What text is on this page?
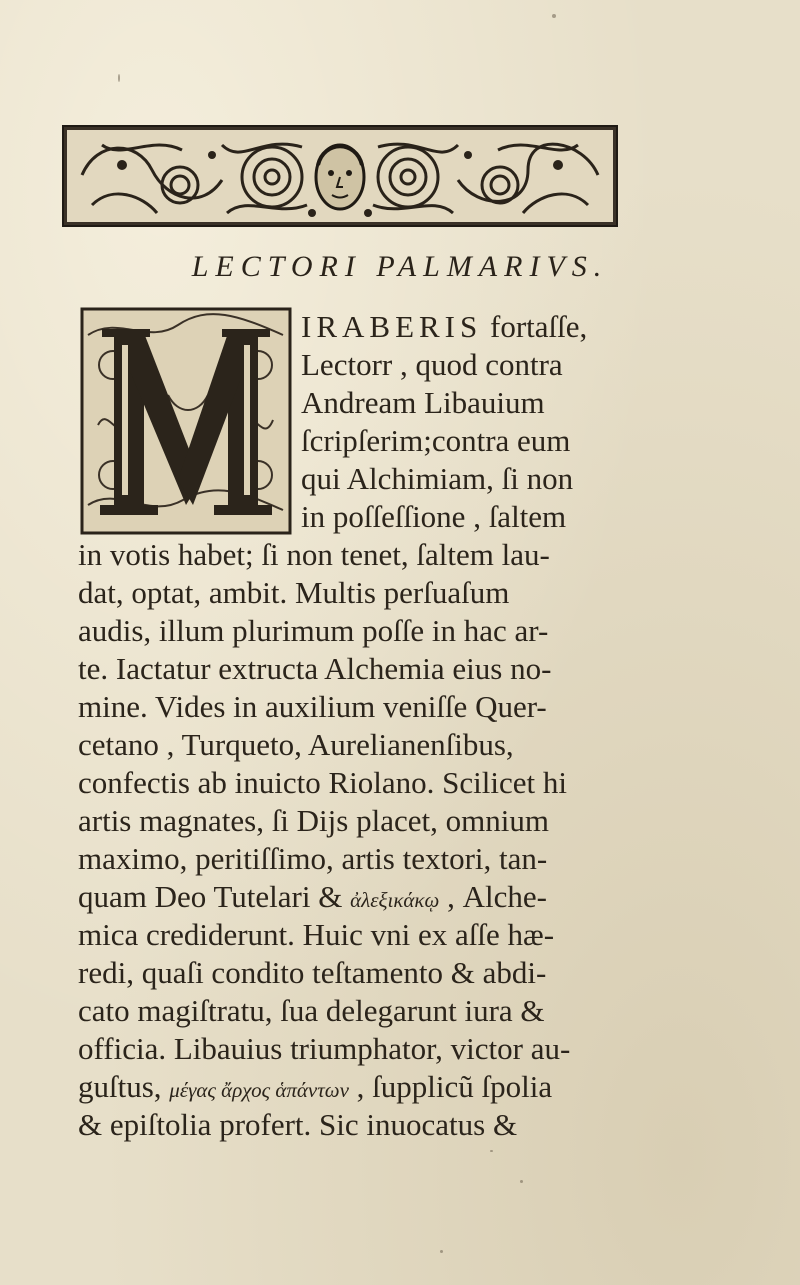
LECTORI PALMARIVS.
IRABERIS fortaſſe,
Lectorr , quod contra
Andream Libauium
ſcripſerim;contra eum
qui Alchimiam, ſi non
in poſſeſſione , ſaltem
in votis habet; ſi non tenet, ſaltem lau-
dat, optat, ambit. Multis perſuaſum
audis, illum plurimum poſſe in hac ar-
te. Iactatur extructa Alchemia eius no-
mine. Vides in auxilium veniſſe Quer-
cetano , Turqueto, Aurelianenſibus,
confectis ab inuicto Riolano. Scilicet hi
artis magnates, ſi Dijs placet, omnium
maximo, peritiſſimo, artis textori, tan-
quam Deo Tutelari & ἀλεξικάκῳ , Alche-
mica crediderunt. Huic vni ex aſſe hæ-
redi, quaſi condito teſtamento & abdi-
cato magiſtratu, ſua delegarunt iura &
officia. Libauius triumphator, victor au-
guſtus, μέγας ἄρχος ἁπάντων , ſupplicũ ſpolia
& epiſtolia profert. Sic inuocatus &
